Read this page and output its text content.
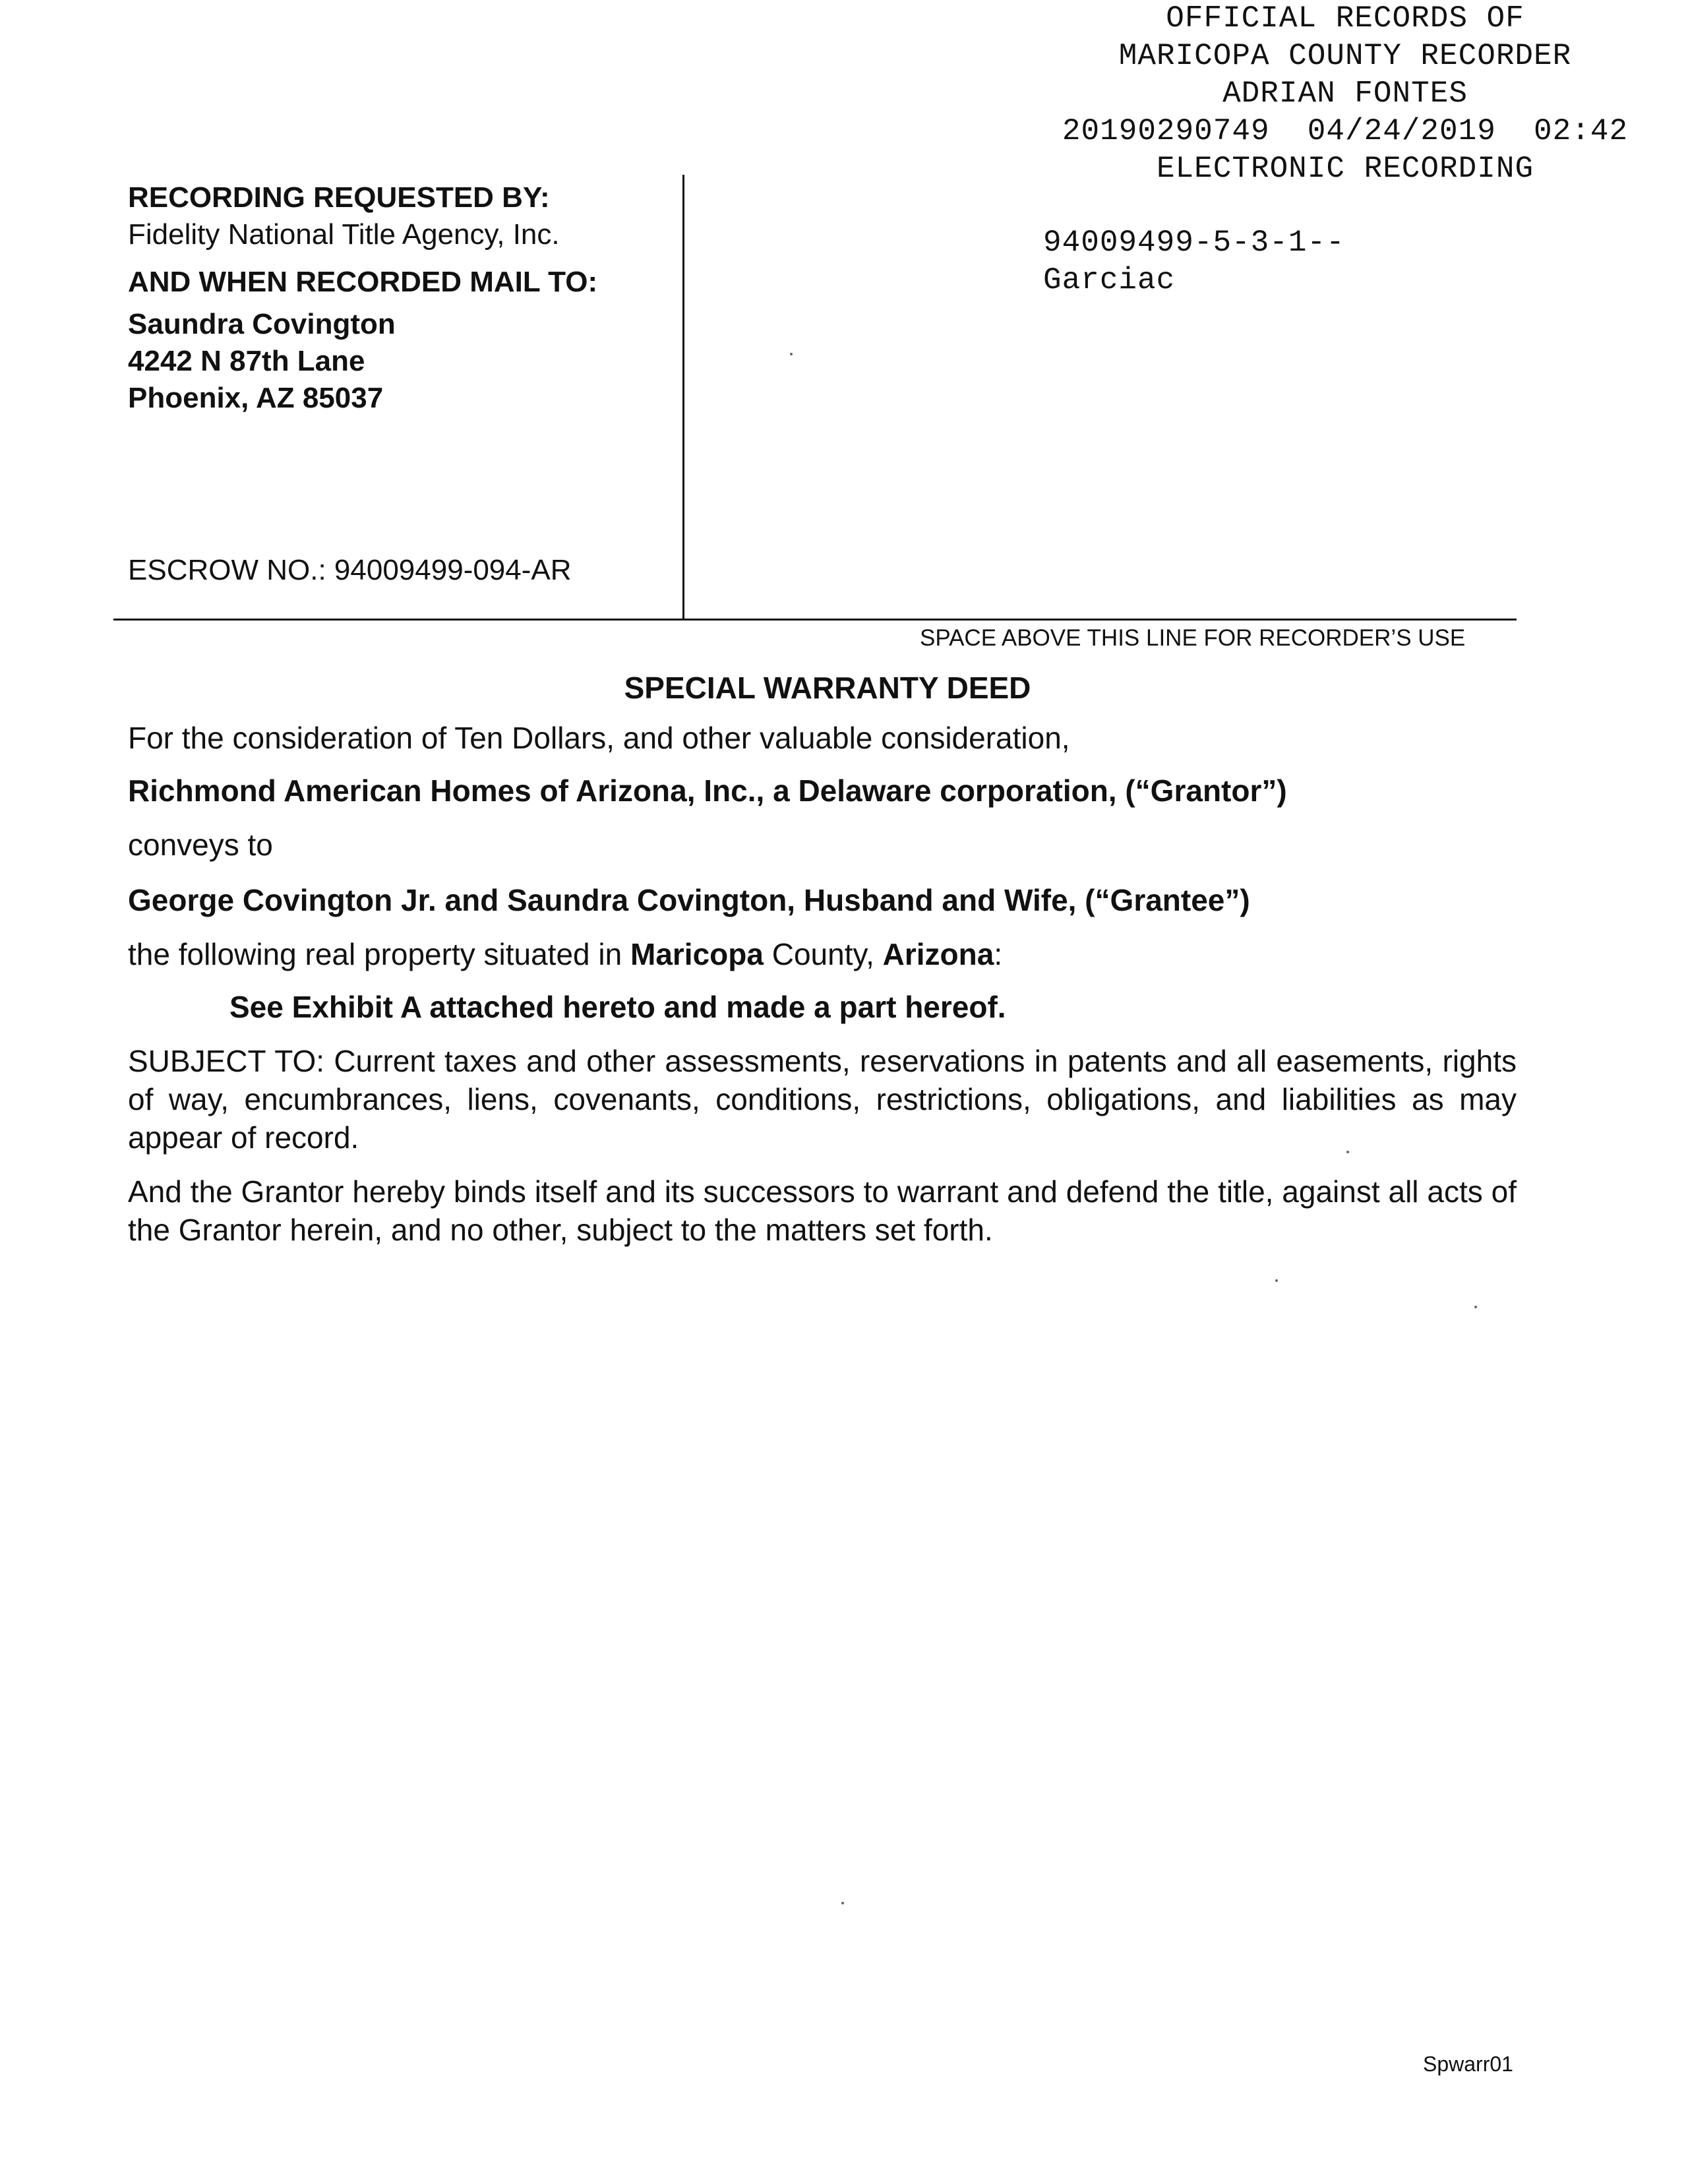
OFFICIAL RECORDS OF
MARICOPA COUNTY RECORDER
ADRIAN FONTES
20190290749 04/24/2019 02:42
ELECTRONIC RECORDING
94009499-5-3-1--
Garciac
RECORDING REQUESTED BY:
Fidelity National Title Agency, Inc.
AND WHEN RECORDED MAIL TO:
Saundra Covington
4242 N 87th Lane
Phoenix, AZ 85037
ESCROW NO.: 94009499-094-AR
SPACE ABOVE THIS LINE FOR RECORDER’S USE
SPECIAL WARRANTY DEED
For the consideration of Ten Dollars, and other valuable consideration,
Richmond American Homes of Arizona, Inc., a Delaware corporation, (“Grantor”)
conveys to
George Covington Jr. and Saundra Covington, Husband and Wife, (“Grantee”)
the following real property situated in Maricopa County, Arizona:
See Exhibit A attached hereto and made a part hereof.
SUBJECT TO: Current taxes and other assessments, reservations in patents and all easements, rights of way, encumbrances, liens, covenants, conditions, restrictions, obligations, and liabilities as may appear of record.
And the Grantor hereby binds itself and its successors to warrant and defend the title, against all acts of the Grantor herein, and no other, subject to the matters set forth.
Spwarr01
